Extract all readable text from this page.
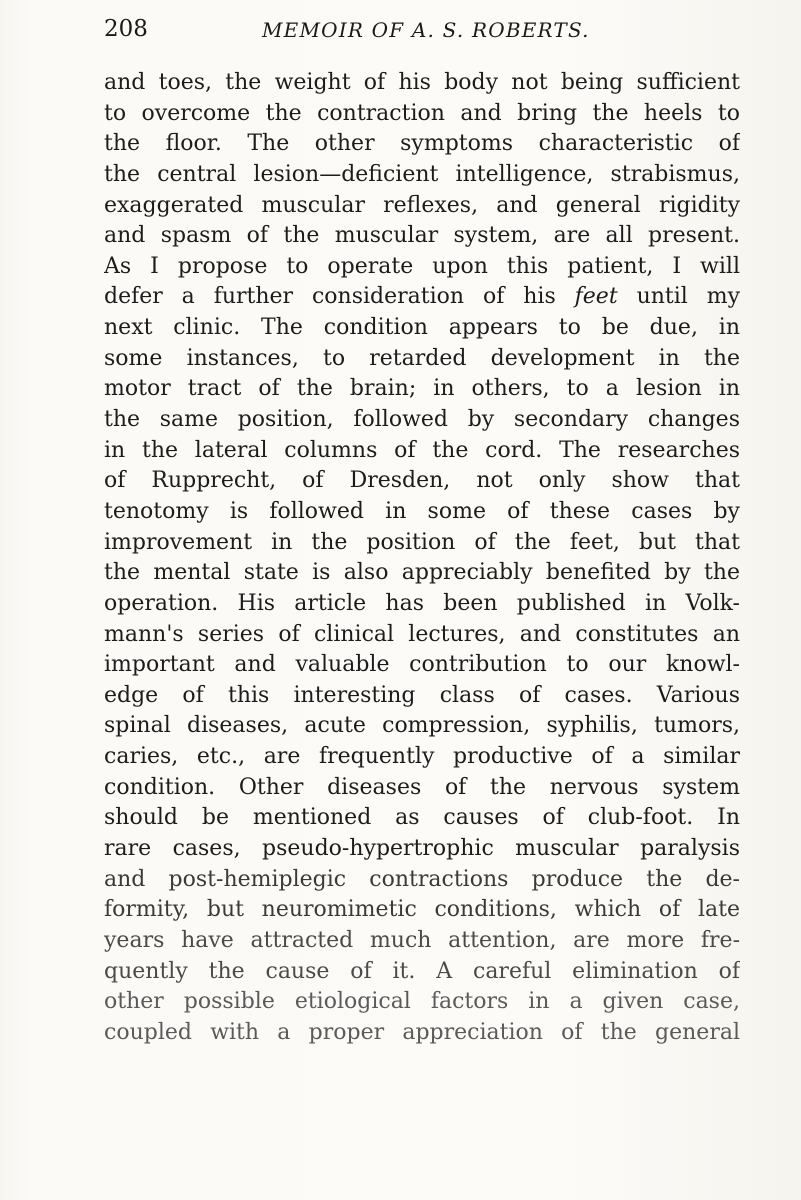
208	MEMOIR OF A. S. ROBERTS.
and toes, the weight of his body not being sufficient
to overcome the contraction and bring the heels to
the floor. The other symptoms characteristic of
the central lesion—deficient intelligence, strabismus,
exaggerated muscular reflexes, and general rigidity
and spasm of the muscular system, are all present.
As I propose to operate upon this patient, I will
defer a further consideration of his feet until my
next clinic. The condition appears to be due, in
some instances, to retarded development in the
motor tract of the brain; in others, to a lesion in
the same position, followed by secondary changes
in the lateral columns of the cord. The researches
of Rupprecht, of Dresden, not only show that
tenotomy is followed in some of these cases by
improvement in the position of the feet, but that
the mental state is also appreciably benefited by the
operation. His article has been published in Volk-
mann's series of clinical lectures, and constitutes an
important and valuable contribution to our knowl-
edge of this interesting class of cases. Various
spinal diseases, acute compression, syphilis, tumors,
caries, etc., are frequently productive of a similar
condition. Other diseases of the nervous system
should be mentioned as causes of club-foot. In
rare cases, pseudo-hypertrophic muscular paralysis
and post-hemiplegic contractions produce the de-
formity, but neuromimetic conditions, which of late
years have attracted much attention, are more fre-
quently the cause of it. A careful elimination of
other possible etiological factors in a given case,
coupled with a proper appreciation of the general
